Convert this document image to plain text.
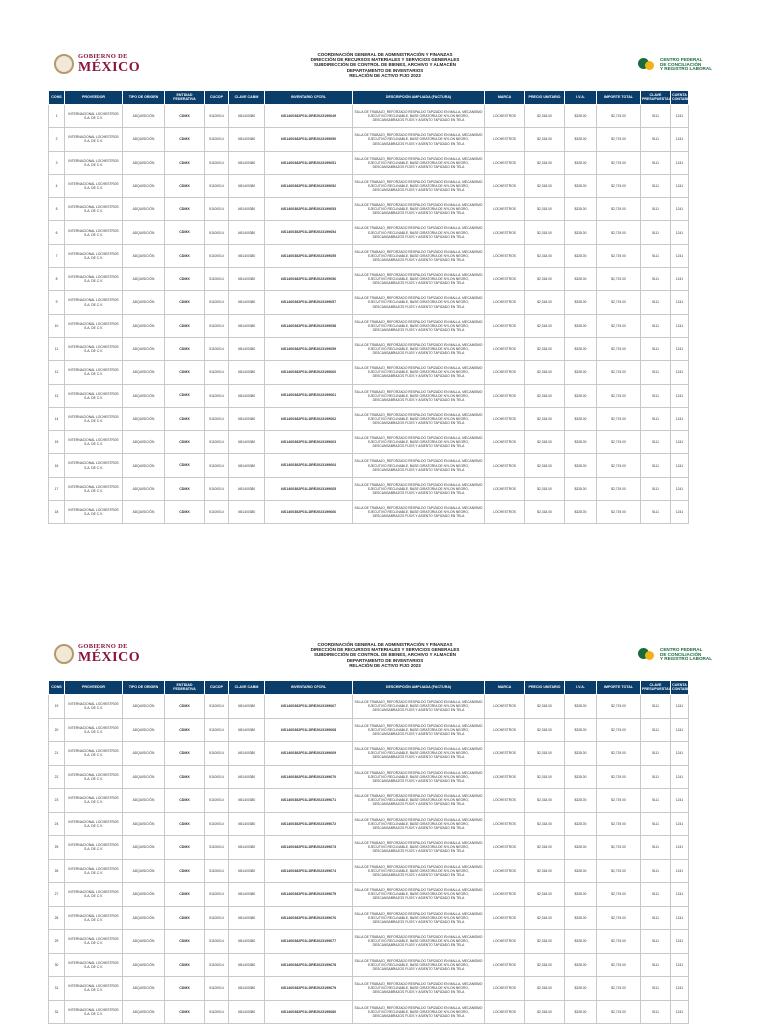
GOBIERNO DE
MÉXICO
COORDINACIÓN GENERAL DE ADMINISTRACIÓN Y FINANZAS
DIRECCIÓN DE RECURSOS MATERIALES Y SERVICIOS GENERALES
SUBDIRECCIÓN DE CONTROL DE BIENES, ARCHIVO Y ALMACÉN
DEPARTAMENTO DE INVENTARIOS
RELACIÓN DE ACTIVO FIJO 2023
CENTRO FEDERAL
DE CONCILIACIÓN
Y REGISTRO LABORAL
CONS	PROVEEDOR	TIPO DE ORIGEN	ENTIDAD FEDERATIVA	CUCOP	CLAVE CABM	INVENTARIO CFCRL	DESCRIPCIÓN AMPLIADA (FACTURA)	MARCA	PRECIO UNITARIO	I.V.A.	IMPORTE TOTAL	CLAVE PRESUPUESTAL	CUENTA CONTABLE
1	INTERNACIONAL LOCHESTROS S.A. DE C.V.	ADQUISICIÓN	CDMX	51100014	I451400380	I4S1400382F01LDRE2023199649	SILLA DE TRABAJO_REFORZADO RESPALDO TAPIZADO EN MALLA, MECANISMO EJECUTIVO RECLINABLE, BASE GIRATORIA DE NYLON NEGRO, DESCANSABRAZOS FIJOS Y ASIENTO TAPIZADO EN TELA	LOCHESTROS	$2,318.00	$328.00	$2,719.00	5111	1241
2	INTERNACIONAL LOCHESTROS S.A. DE C.V.	ADQUISICIÓN	CDMX	51100014	I451400380	I4S1400382F01LDRE2023199650	SILLA DE TRABAJO_REFORZADO RESPALDO TAPIZADO EN MALLA, MECANISMO EJECUTIVO RECLINABLE, BASE GIRATORIA DE NYLON NEGRO, DESCANSABRAZOS FIJOS Y ASIENTO TAPIZADO EN TELA	LOCHESTROS	$2,318.00	$328.00	$2,719.00	5111	1241
3	INTERNACIONAL LOCHESTROS S.A. DE C.V.	ADQUISICIÓN	CDMX	51100014	I451400380	I4S1400382F01LDRE2023199651	SILLA DE TRABAJO_REFORZADO RESPALDO TAPIZADO EN MALLA, MECANISMO EJECUTIVO RECLINABLE, BASE GIRATORIA DE NYLON NEGRO, DESCANSABRAZOS FIJOS Y ASIENTO TAPIZADO EN TELA	LOCHESTROS	$2,318.00	$328.00	$2,719.00	5111	1241
4	INTERNACIONAL LOCHESTROS S.A. DE C.V.	ADQUISICIÓN	CDMX	51100014	I451400380	I4S1400382F01LDRE2023199652	SILLA DE TRABAJO_REFORZADO RESPALDO TAPIZADO EN MALLA, MECANISMO EJECUTIVO RECLINABLE, BASE GIRATORIA DE NYLON NEGRO, DESCANSABRAZOS FIJOS Y ASIENTO TAPIZADO EN TELA	LOCHESTROS	$2,318.00	$328.00	$2,719.00	5111	1241
5	INTERNACIONAL LOCHESTROS S.A. DE C.V.	ADQUISICIÓN	CDMX	51100014	I451400380	I4S1400382F01LDRE2023199653	SILLA DE TRABAJO_REFORZADO RESPALDO TAPIZADO EN MALLA, MECANISMO EJECUTIVO RECLINABLE, BASE GIRATORIA DE NYLON NEGRO, DESCANSABRAZOS FIJOS Y ASIENTO TAPIZADO EN TELA	LOCHESTROS	$2,318.00	$328.00	$2,719.00	5111	1241
6	INTERNACIONAL LOCHESTROS S.A. DE C.V.	ADQUISICIÓN	CDMX	51100014	I451400380	I4S1400382F01LDRE2023199654	SILLA DE TRABAJO_REFORZADO RESPALDO TAPIZADO EN MALLA, MECANISMO EJECUTIVO RECLINABLE, BASE GIRATORIA DE NYLON NEGRO, DESCANSABRAZOS FIJOS Y ASIENTO TAPIZADO EN TELA	LOCHESTROS	$2,318.00	$328.00	$2,719.00	5111	1241
7	INTERNACIONAL LOCHESTROS S.A. DE C.V.	ADQUISICIÓN	CDMX	51100014	I451400380	I4S1400382F01LDRE2023199655	SILLA DE TRABAJO_REFORZADO RESPALDO TAPIZADO EN MALLA, MECANISMO EJECUTIVO RECLINABLE, BASE GIRATORIA DE NYLON NEGRO, DESCANSABRAZOS FIJOS Y ASIENTO TAPIZADO EN TELA	LOCHESTROS	$2,318.00	$328.00	$2,719.00	5111	1241
8	INTERNACIONAL LOCHESTROS S.A. DE C.V.	ADQUISICIÓN	CDMX	51100014	I451400380	I4S1400382F01LDRE2023199656	SILLA DE TRABAJO_REFORZADO RESPALDO TAPIZADO EN MALLA, MECANISMO EJECUTIVO RECLINABLE, BASE GIRATORIA DE NYLON NEGRO, DESCANSABRAZOS FIJOS Y ASIENTO TAPIZADO EN TELA	LOCHESTROS	$2,318.00	$328.00	$2,719.00	5111	1241
9	INTERNACIONAL LOCHESTROS S.A. DE C.V.	ADQUISICIÓN	CDMX	51100014	I451400380	I4S1400382F01LDRE2023199657	SILLA DE TRABAJO_REFORZADO RESPALDO TAPIZADO EN MALLA, MECANISMO EJECUTIVO RECLINABLE, BASE GIRATORIA DE NYLON NEGRO, DESCANSABRAZOS FIJOS Y ASIENTO TAPIZADO EN TELA	LOCHESTROS	$2,318.00	$328.00	$2,719.00	5111	1241
10	INTERNACIONAL LOCHESTROS S.A. DE C.V.	ADQUISICIÓN	CDMX	51100014	I451400380	I4S1400382F01LDRE2023199658	SILLA DE TRABAJO_REFORZADO RESPALDO TAPIZADO EN MALLA, MECANISMO EJECUTIVO RECLINABLE, BASE GIRATORIA DE NYLON NEGRO, DESCANSABRAZOS FIJOS Y ASIENTO TAPIZADO EN TELA	LOCHESTROS	$2,318.00	$328.00	$2,719.00	5111	1241
11	INTERNACIONAL LOCHESTROS S.A. DE C.V.	ADQUISICIÓN	CDMX	51100014	I451400380	I4S1400382F01LDRE2023199659	SILLA DE TRABAJO_REFORZADO RESPALDO TAPIZADO EN MALLA, MECANISMO EJECUTIVO RECLINABLE, BASE GIRATORIA DE NYLON NEGRO, DESCANSABRAZOS FIJOS Y ASIENTO TAPIZADO EN TELA	LOCHESTROS	$2,318.00	$328.00	$2,719.00	5111	1241
12	INTERNACIONAL LOCHESTROS S.A. DE C.V.	ADQUISICIÓN	CDMX	51100014	I451400380	I4S1400382F01LDRE2023199660	SILLA DE TRABAJO_REFORZADO RESPALDO TAPIZADO EN MALLA, MECANISMO EJECUTIVO RECLINABLE, BASE GIRATORIA DE NYLON NEGRO, DESCANSABRAZOS FIJOS Y ASIENTO TAPIZADO EN TELA	LOCHESTROS	$2,318.00	$328.00	$2,719.00	5111	1241
13	INTERNACIONAL LOCHESTROS S.A. DE C.V.	ADQUISICIÓN	CDMX	51100014	I451400380	I4S1400382F01LDRE2023199661	SILLA DE TRABAJO_REFORZADO RESPALDO TAPIZADO EN MALLA, MECANISMO EJECUTIVO RECLINABLE, BASE GIRATORIA DE NYLON NEGRO, DESCANSABRAZOS FIJOS Y ASIENTO TAPIZADO EN TELA	LOCHESTROS	$2,318.00	$328.00	$2,719.00	5111	1241
14	INTERNACIONAL LOCHESTROS S.A. DE C.V.	ADQUISICIÓN	CDMX	51100014	I451400380	I4S1400382F01LDRE2023199662	SILLA DE TRABAJO_REFORZADO RESPALDO TAPIZADO EN MALLA, MECANISMO EJECUTIVO RECLINABLE, BASE GIRATORIA DE NYLON NEGRO, DESCANSABRAZOS FIJOS Y ASIENTO TAPIZADO EN TELA	LOCHESTROS	$2,318.00	$328.00	$2,719.00	5111	1241
15	INTERNACIONAL LOCHESTROS S.A. DE C.V.	ADQUISICIÓN	CDMX	51100014	I451400380	I4S1400382F01LDRE2023199663	SILLA DE TRABAJO_REFORZADO RESPALDO TAPIZADO EN MALLA, MECANISMO EJECUTIVO RECLINABLE, BASE GIRATORIA DE NYLON NEGRO, DESCANSABRAZOS FIJOS Y ASIENTO TAPIZADO EN TELA	LOCHESTROS	$2,318.00	$328.00	$2,719.00	5111	1241
16	INTERNACIONAL LOCHESTROS S.A. DE C.V.	ADQUISICIÓN	CDMX	51100014	I451400380	I4S1400382F01LDRE2023199664	SILLA DE TRABAJO_REFORZADO RESPALDO TAPIZADO EN MALLA, MECANISMO EJECUTIVO RECLINABLE, BASE GIRATORIA DE NYLON NEGRO, DESCANSABRAZOS FIJOS Y ASIENTO TAPIZADO EN TELA	LOCHESTROS	$2,318.00	$328.00	$2,719.00	5111	1241
17	INTERNACIONAL LOCHESTROS S.A. DE C.V.	ADQUISICIÓN	CDMX	51100014	I451400380	I4S1400382F01LDRE2023199665	SILLA DE TRABAJO_REFORZADO RESPALDO TAPIZADO EN MALLA, MECANISMO EJECUTIVO RECLINABLE, BASE GIRATORIA DE NYLON NEGRO, DESCANSABRAZOS FIJOS Y ASIENTO TAPIZADO EN TELA	LOCHESTROS	$2,318.00	$328.00	$2,719.00	5111	1241
18	INTERNACIONAL LOCHESTROS S.A. DE C.V.	ADQUISICIÓN	CDMX	51100014	I451400380	I4S1400382F01LDRE2023199666	SILLA DE TRABAJO_REFORZADO RESPALDO TAPIZADO EN MALLA, MECANISMO EJECUTIVO RECLINABLE, BASE GIRATORIA DE NYLON NEGRO, DESCANSABRAZOS FIJOS Y ASIENTO TAPIZADO EN TELA	LOCHESTROS	$2,318.00	$328.00	$2,719.00	5111	1241
GOBIERNO DE
MÉXICO
COORDINACIÓN GENERAL DE ADMINISTRACIÓN Y FINANZAS
DIRECCIÓN DE RECURSOS MATERIALES Y SERVICIOS GENERALES
SUBDIRECCIÓN DE CONTROL DE BIENES, ARCHIVO Y ALMACÉN
DEPARTAMENTO DE INVENTARIOS
RELACIÓN DE ACTIVO FIJO 2023
CENTRO FEDERAL
DE CONCILIACIÓN
Y REGISTRO LABORAL
CONS	PROVEEDOR	TIPO DE ORIGEN	ENTIDAD FEDERATIVA	CUCOP	CLAVE CABM	INVENTARIO CFCRL	DESCRIPCIÓN AMPLIADA (FACTURA)	MARCA	PRECIO UNITARIO	I.V.A.	IMPORTE TOTAL	CLAVE PRESUPUESTAL	CUENTA CONTABLE
19	INTERNACIONAL LOCHESTROS S.A. DE C.V.	ADQUISICIÓN	CDMX	51100014	I451400380	I4S1400382F01LDRE2023199667	SILLA DE TRABAJO_REFORZADO RESPALDO TAPIZADO EN MALLA, MECANISMO EJECUTIVO RECLINABLE, BASE GIRATORIA DE NYLON NEGRO, DESCANSABRAZOS FIJOS Y ASIENTO TAPIZADO EN TELA	LOCHESTROS	$2,318.00	$328.00	$2,719.00	5111	1241
20	INTERNACIONAL LOCHESTROS S.A. DE C.V.	ADQUISICIÓN	CDMX	51100014	I451400380	I4S1400382F01LDRE2023199668	SILLA DE TRABAJO_REFORZADO RESPALDO TAPIZADO EN MALLA, MECANISMO EJECUTIVO RECLINABLE, BASE GIRATORIA DE NYLON NEGRO, DESCANSABRAZOS FIJOS Y ASIENTO TAPIZADO EN TELA	LOCHESTROS	$2,318.00	$328.00	$2,719.00	5111	1241
21	INTERNACIONAL LOCHESTROS S.A. DE C.V.	ADQUISICIÓN	CDMX	51100014	I451400380	I4S1400382F01LDRE2023199669	SILLA DE TRABAJO_REFORZADO RESPALDO TAPIZADO EN MALLA, MECANISMO EJECUTIVO RECLINABLE, BASE GIRATORIA DE NYLON NEGRO, DESCANSABRAZOS FIJOS Y ASIENTO TAPIZADO EN TELA	LOCHESTROS	$2,318.00	$328.00	$2,719.00	5111	1241
22	INTERNACIONAL LOCHESTROS S.A. DE C.V.	ADQUISICIÓN	CDMX	51100014	I451400380	I4S1400382F01LDRE2023199670	SILLA DE TRABAJO_REFORZADO RESPALDO TAPIZADO EN MALLA, MECANISMO EJECUTIVO RECLINABLE, BASE GIRATORIA DE NYLON NEGRO, DESCANSABRAZOS FIJOS Y ASIENTO TAPIZADO EN TELA	LOCHESTROS	$2,318.00	$328.00	$2,719.00	5111	1241
23	INTERNACIONAL LOCHESTROS S.A. DE C.V.	ADQUISICIÓN	CDMX	51100014	I451400380	I4S1400382F01LDRE2023199671	SILLA DE TRABAJO_REFORZADO RESPALDO TAPIZADO EN MALLA, MECANISMO EJECUTIVO RECLINABLE, BASE GIRATORIA DE NYLON NEGRO, DESCANSABRAZOS FIJOS Y ASIENTO TAPIZADO EN TELA	LOCHESTROS	$2,318.00	$328.00	$2,719.00	5111	1241
24	INTERNACIONAL LOCHESTROS S.A. DE C.V.	ADQUISICIÓN	CDMX	51100014	I451400380	I4S1400382F01LDRE2023199672	SILLA DE TRABAJO_REFORZADO RESPALDO TAPIZADO EN MALLA, MECANISMO EJECUTIVO RECLINABLE, BASE GIRATORIA DE NYLON NEGRO, DESCANSABRAZOS FIJOS Y ASIENTO TAPIZADO EN TELA	LOCHESTROS	$2,318.00	$328.00	$2,719.00	5111	1241
25	INTERNACIONAL LOCHESTROS S.A. DE C.V.	ADQUISICIÓN	CDMX	51100014	I451400380	I4S1400382F01LDRE2023199673	SILLA DE TRABAJO_REFORZADO RESPALDO TAPIZADO EN MALLA, MECANISMO EJECUTIVO RECLINABLE, BASE GIRATORIA DE NYLON NEGRO, DESCANSABRAZOS FIJOS Y ASIENTO TAPIZADO EN TELA	LOCHESTROS	$2,318.00	$328.00	$2,719.00	5111	1241
26	INTERNACIONAL LOCHESTROS S.A. DE C.V.	ADQUISICIÓN	CDMX	51100014	I451400380	I4S1400382F01LDRE2023199674	SILLA DE TRABAJO_REFORZADO RESPALDO TAPIZADO EN MALLA, MECANISMO EJECUTIVO RECLINABLE, BASE GIRATORIA DE NYLON NEGRO, DESCANSABRAZOS FIJOS Y ASIENTO TAPIZADO EN TELA	LOCHESTROS	$2,318.00	$328.00	$2,719.00	5111	1241
27	INTERNACIONAL LOCHESTROS S.A. DE C.V.	ADQUISICIÓN	CDMX	51100014	I451400380	I4S1400382F01LDRE2023199675	SILLA DE TRABAJO_REFORZADO RESPALDO TAPIZADO EN MALLA, MECANISMO EJECUTIVO RECLINABLE, BASE GIRATORIA DE NYLON NEGRO, DESCANSABRAZOS FIJOS Y ASIENTO TAPIZADO EN TELA	LOCHESTROS	$2,318.00	$328.00	$2,719.00	5111	1241
28	INTERNACIONAL LOCHESTROS S.A. DE C.V.	ADQUISICIÓN	CDMX	51100014	I451400380	I4S1400382F01LDRE2023199676	SILLA DE TRABAJO_REFORZADO RESPALDO TAPIZADO EN MALLA, MECANISMO EJECUTIVO RECLINABLE, BASE GIRATORIA DE NYLON NEGRO, DESCANSABRAZOS FIJOS Y ASIENTO TAPIZADO EN TELA	LOCHESTROS	$2,318.00	$328.00	$2,719.00	5111	1241
29	INTERNACIONAL LOCHESTROS S.A. DE C.V.	ADQUISICIÓN	CDMX	51100014	I451400380	I4S1400382F01LDRE2023199677	SILLA DE TRABAJO_REFORZADO RESPALDO TAPIZADO EN MALLA, MECANISMO EJECUTIVO RECLINABLE, BASE GIRATORIA DE NYLON NEGRO, DESCANSABRAZOS FIJOS Y ASIENTO TAPIZADO EN TELA	LOCHESTROS	$2,318.00	$328.00	$2,719.00	5111	1241
30	INTERNACIONAL LOCHESTROS S.A. DE C.V.	ADQUISICIÓN	CDMX	51100014	I451400380	I4S1400382F01LDRE2023199678	SILLA DE TRABAJO_REFORZADO RESPALDO TAPIZADO EN MALLA, MECANISMO EJECUTIVO RECLINABLE, BASE GIRATORIA DE NYLON NEGRO, DESCANSABRAZOS FIJOS Y ASIENTO TAPIZADO EN TELA	LOCHESTROS	$2,318.00	$328.00	$2,719.00	5111	1241
31	INTERNACIONAL LOCHESTROS S.A. DE C.V.	ADQUISICIÓN	CDMX	51100014	I451400380	I4S1400382F01LDRE2023199679	SILLA DE TRABAJO_REFORZADO RESPALDO TAPIZADO EN MALLA, MECANISMO EJECUTIVO RECLINABLE, BASE GIRATORIA DE NYLON NEGRO, DESCANSABRAZOS FIJOS Y ASIENTO TAPIZADO EN TELA	LOCHESTROS	$2,318.00	$328.00	$2,719.00	5111	1241
32	INTERNACIONAL LOCHESTROS S.A. DE C.V.	ADQUISICIÓN	CDMX	51100014	I451400380	I4S1400382F01LDRE2023199680	SILLA DE TRABAJO_REFORZADO RESPALDO TAPIZADO EN MALLA, MECANISMO EJECUTIVO RECLINABLE, BASE GIRATORIA DE NYLON NEGRO, DESCANSABRAZOS FIJOS Y ASIENTO TAPIZADO EN TELA	LOCHESTROS	$2,318.00	$328.00	$2,719.00	5111	1241
